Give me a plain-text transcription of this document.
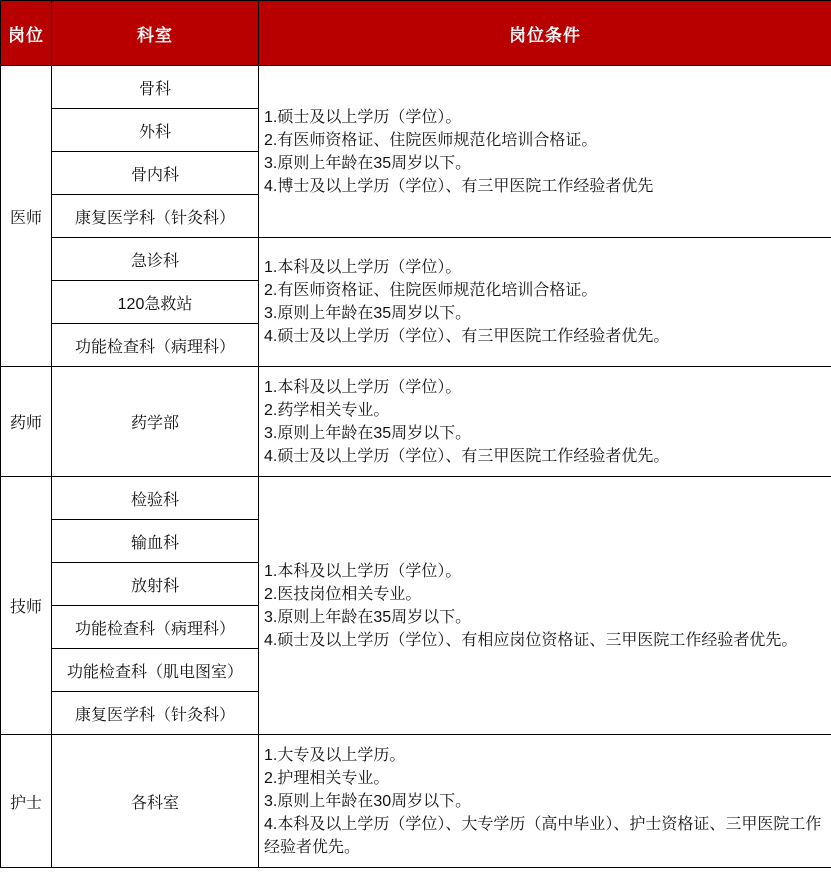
岗位	科室	岗位条件
医师	骨科	1.硕士及以上学历（学位）。
2.有医师资格证、住院医师规范化培训合格证。
3.原则上年龄在35周岁以下。
4.博士及以上学历（学位）、有三甲医院工作经验者优先

	外科	
	骨内科	
	康复医学科（针灸科）	
	急诊科	1.本科及以上学历（学位）。
2.有医师资格证、住院医师规范化培训合格证。
3.原则上年龄在35周岁以下。
4.硕士及以上学历（学位）、有三甲医院工作经验者优先。

	120急救站	
	功能检查科（病理科）	
药师	药学部	1.本科及以上学历（学位）。
2.药学相关专业。
3.原则上年龄在35周岁以下。
4.硕士及以上学历（学位）、有三甲医院工作经验者优先。

技师	检验科	1.本科及以上学历（学位）。
2.医技岗位相关专业。
3.原则上年龄在35周岁以下。
4.硕士及以上学历（学位）、有相应岗位资格证、三甲医院工作经验者优先。

	输血科	
	放射科	
	功能检查科（病理科）	
	功能检查科（肌电图室）	
	康复医学科（针灸科）	
护士	各科室	1.大专及以上学历。
2.护理相关专业。
3.原则上年龄在30周岁以下。
4.本科及以上学历（学位）、大专学历（高中毕业）、护士资格证、三甲医院工作经验者优先。
